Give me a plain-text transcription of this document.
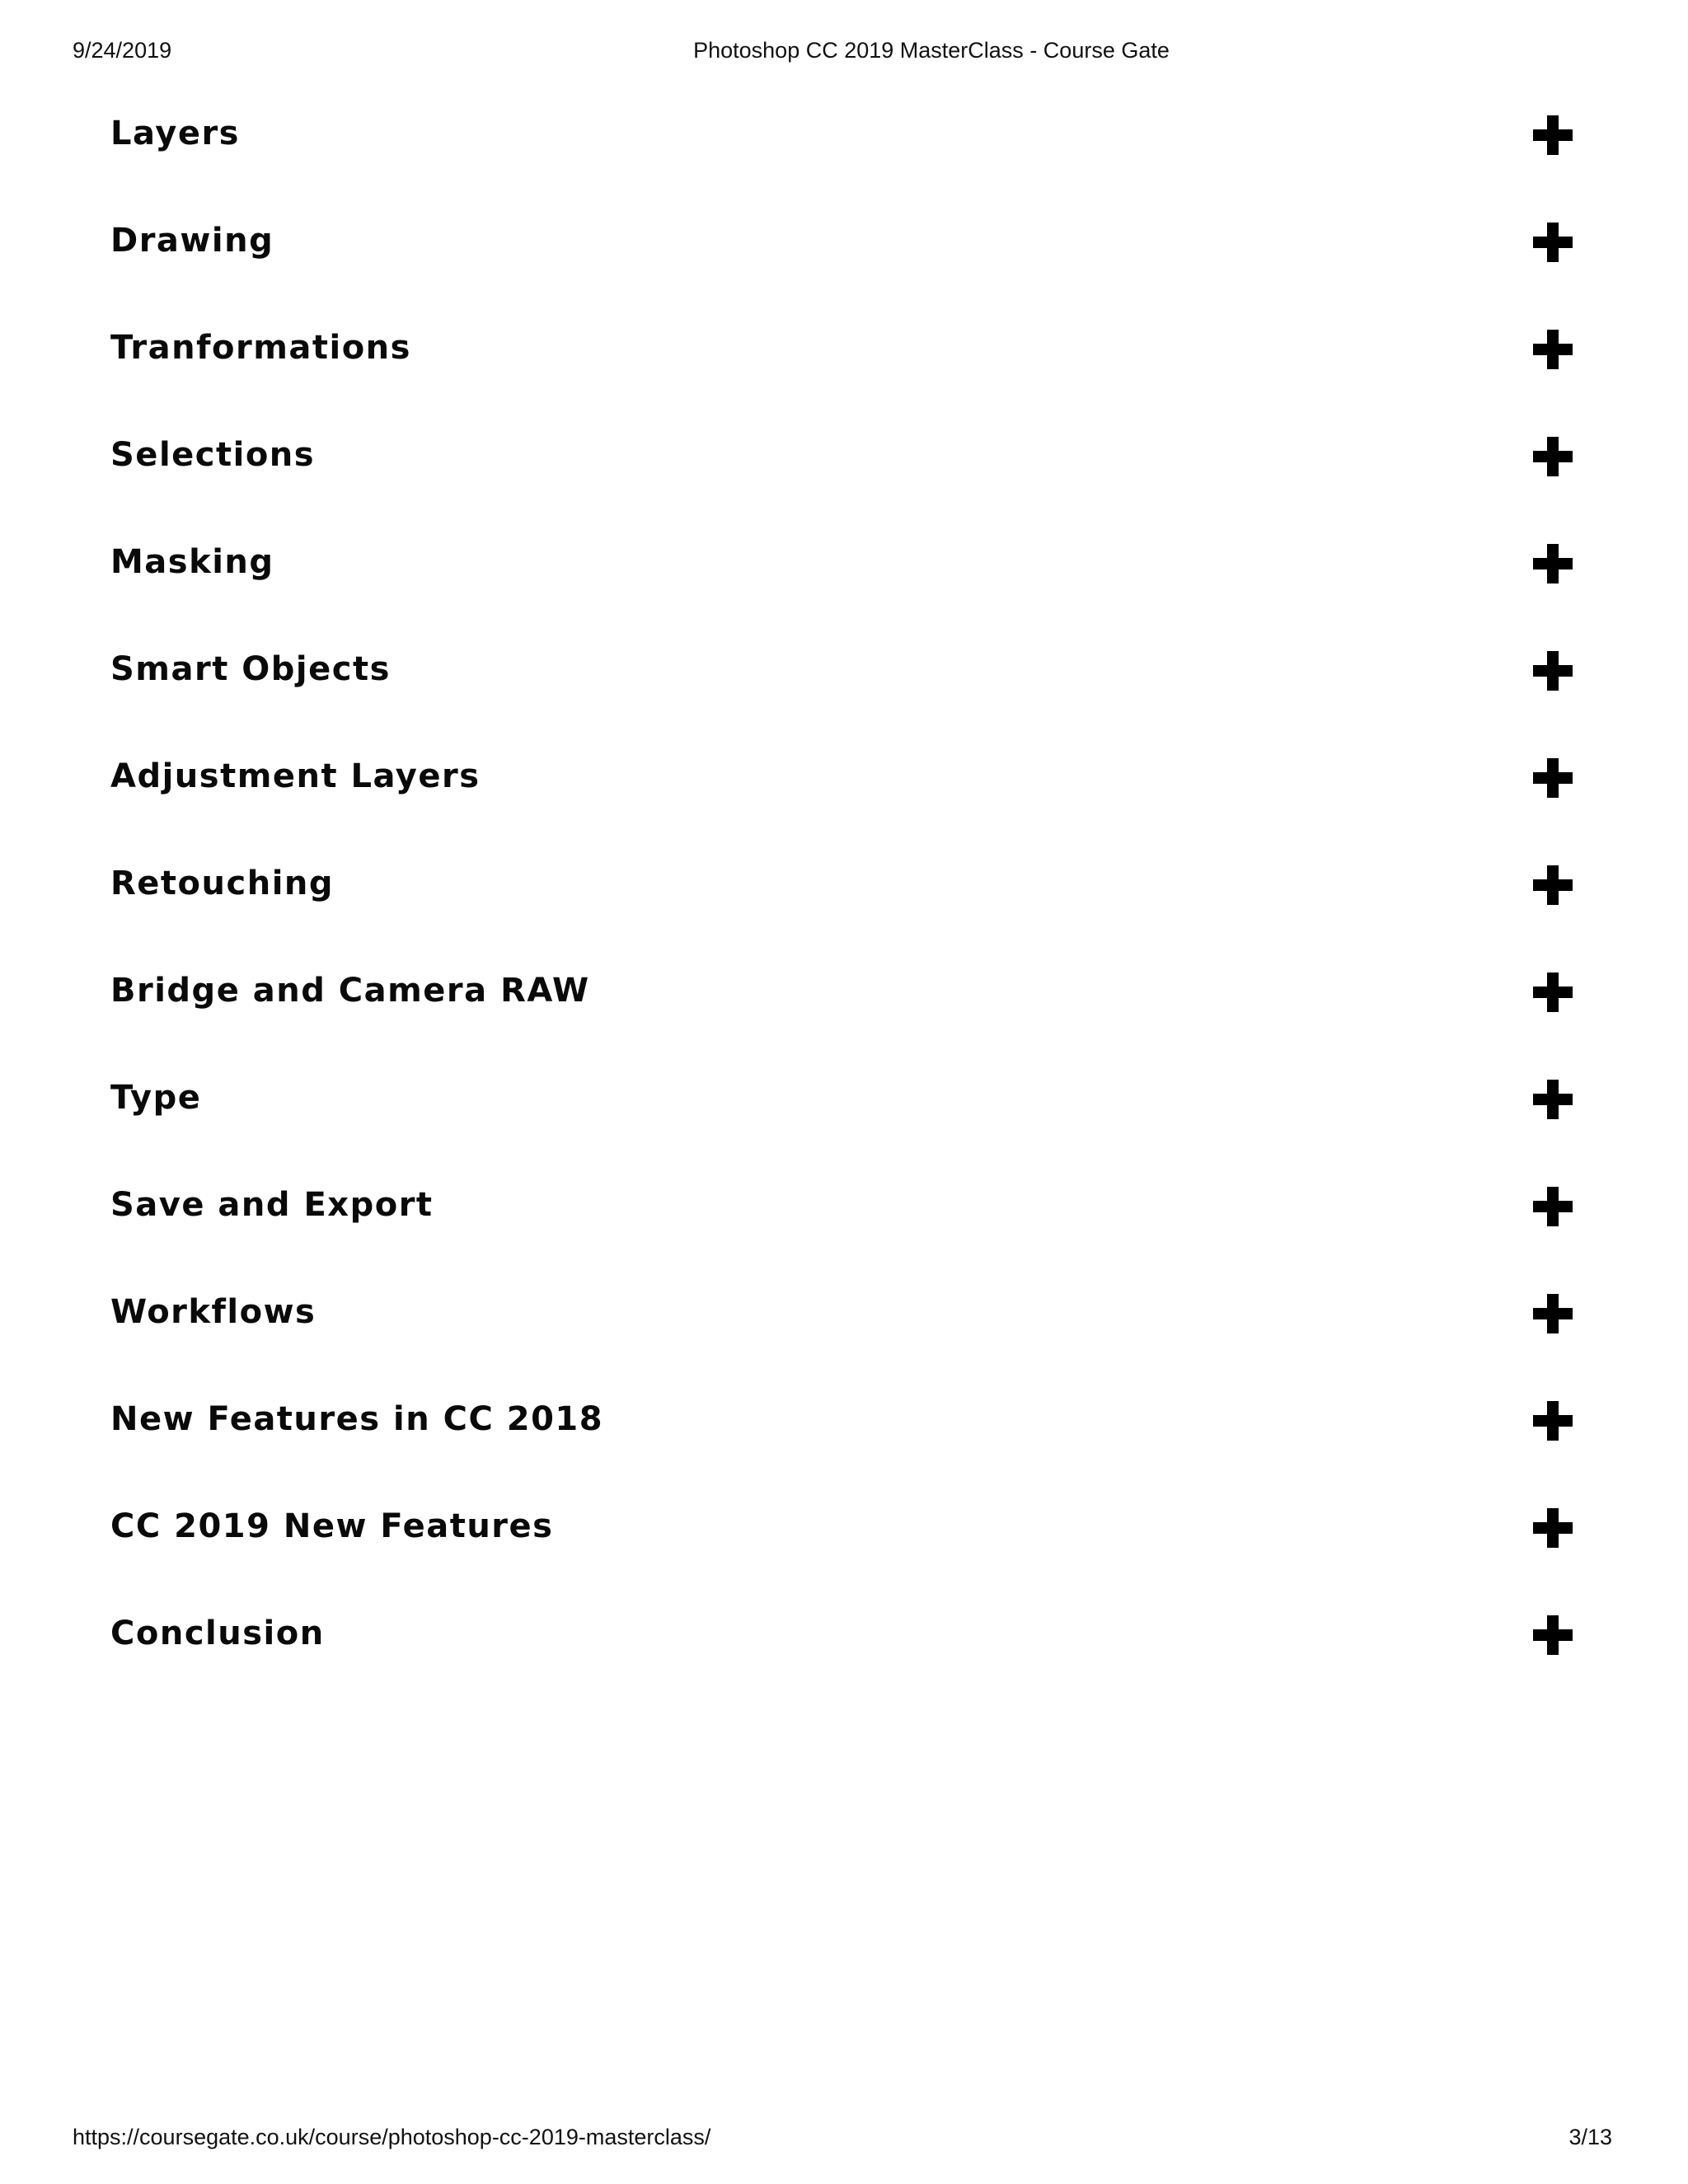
9/24/2019	Photoshop CC 2019 MasterClass - Course Gate
Layers
Drawing
Tranformations
Selections
Masking
Smart Objects
Adjustment Layers
Retouching
Bridge and Camera RAW
Type
Save and Export
Workflows
New Features in CC 2018
CC 2019 New Features
Conclusion
https://coursegate.co.uk/course/photoshop-cc-2019-masterclass/	3/13
